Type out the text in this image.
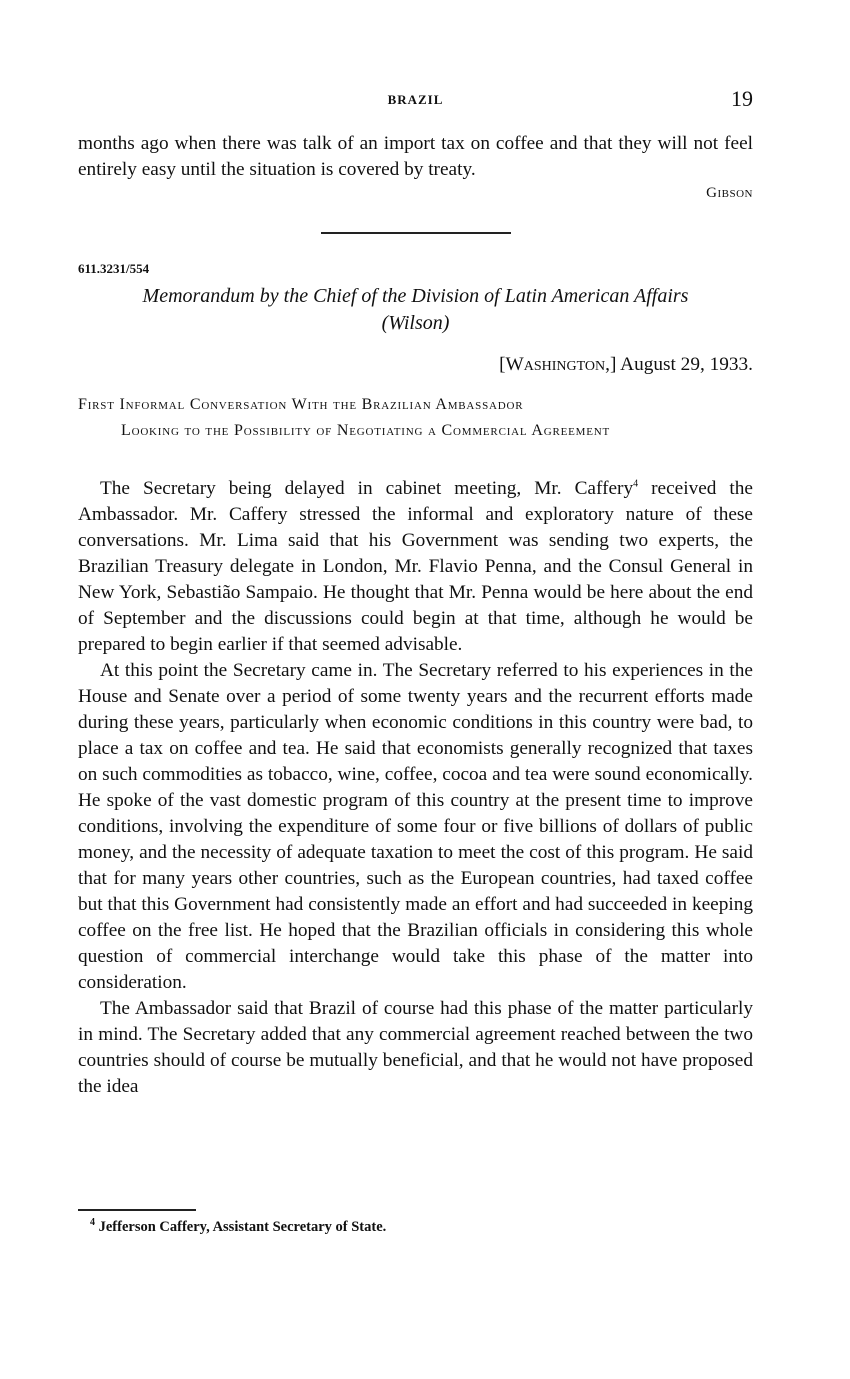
BRAZIL	19

months ago when there was talk of an import tax on coffee and that they will not feel entirely easy until the situation is covered by treaty.

Gibson
611.3231/554
Memorandum by the Chief of the Division of Latin American Affairs
(Wilson)
[Washington,] August 29, 1933.
First Informal Conversation With the Brazilian Ambassador
Looking to the Possibility of Negotiating a Commercial Agreement

The Secretary being delayed in cabinet meeting, Mr. Caffery$^4$ received the Ambassador. Mr. Caffery stressed the informal and exploratory nature of these conversations. Mr. Lima said that his Government was sending two experts, the Brazilian Treasury delegate in London, Mr. Flavio Penna, and the Consul General in New York, Sebastião Sampaio. He thought that Mr. Penna would be here about the end of September and the discussions could begin at that time, although he would be prepared to begin earlier if that seemed advisable.

At this point the Secretary came in. The Secretary referred to his experiences in the House and Senate over a period of some twenty years and the recurrent efforts made during these years, particularly when economic conditions in this country were bad, to place a tax on coffee and tea. He said that economists generally recognized that taxes on such commodities as tobacco, wine, coffee, cocoa and tea were sound economically. He spoke of the vast domestic program of this country at the present time to improve conditions, involving the expenditure of some four or five billions of dollars of public money, and the necessity of adequate taxation to meet the cost of this program. He said that for many years other countries, such as the European countries, had taxed coffee but that this Government had consistently made an effort and had succeeded in keeping coffee on the free list. He hoped that the Brazilian officials in considering this whole question of commercial interchange would take this phase of the matter into consideration.

The Ambassador said that Brazil of course had this phase of the matter particularly in mind. The Secretary added that any commercial agreement reached between the two countries should of course be mutually beneficial, and that he would not have proposed the idea

$^4$ Jefferson Caffery, Assistant Secretary of State.
